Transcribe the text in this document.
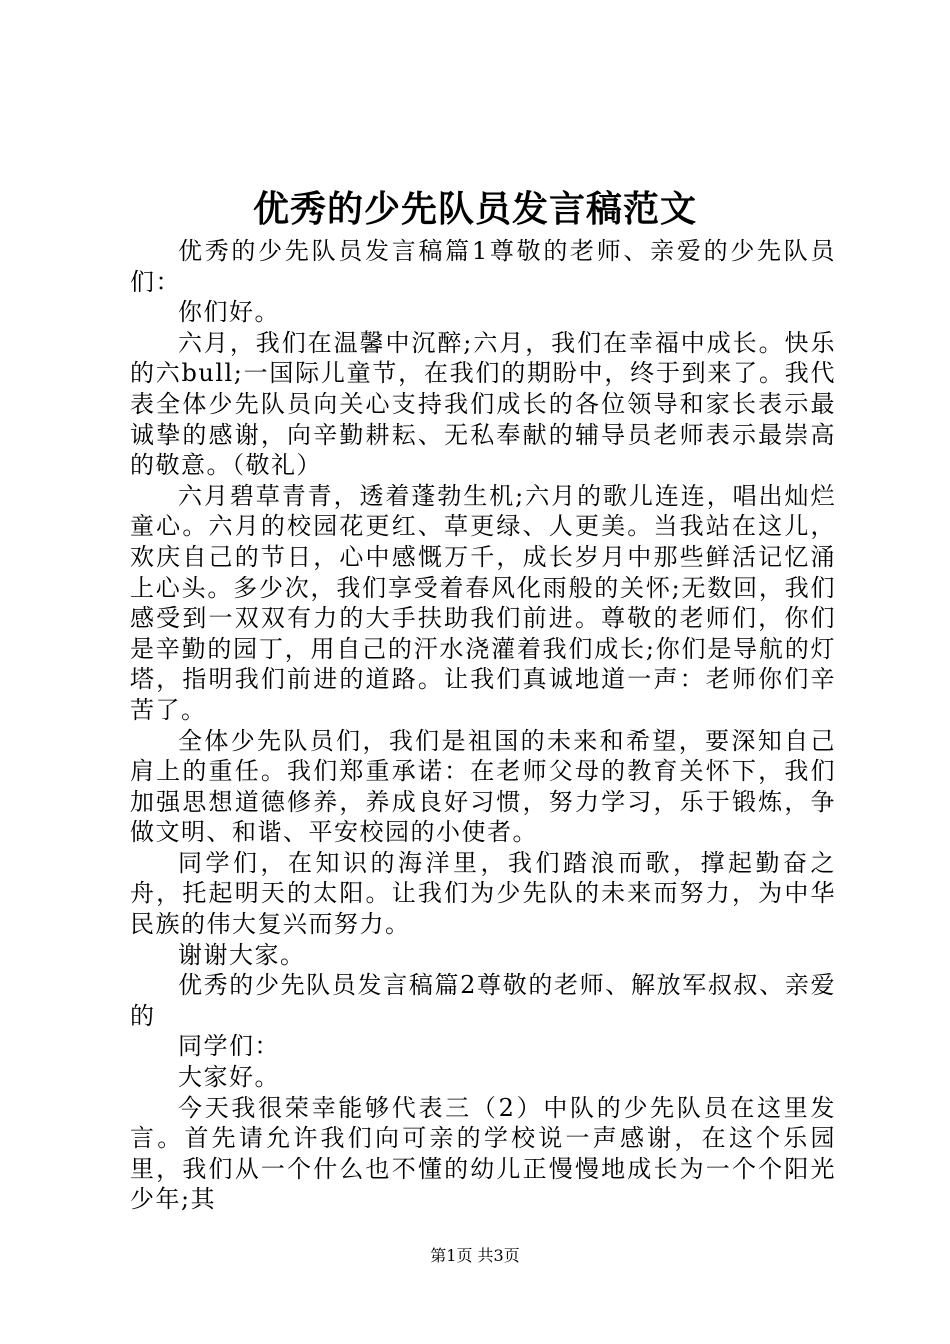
优秀的少先队员发言稿范文

优秀的少先队员发言稿篇1尊敬的老师、亲爱的少先队员们：

你们好。

六月，我们在温馨中沉醉;六月，我们在幸福中成长。快乐的六bull;一国际儿童节，在我们的期盼中，终于到来了。我代表全体少先队员向关心支持我们成长的各位领导和家长表示最诚挚的感谢，向辛勤耕耘、无私奉献的辅导员老师表示最崇高的敬意。（敬礼）

六月碧草青青，透着蓬勃生机;六月的歌儿连连，唱出灿烂童心。六月的校园花更红、草更绿、人更美。当我站在这儿，欢庆自己的节日，心中感慨万千，成长岁月中那些鲜活记忆涌上心头。多少次，我们享受着春风化雨般的关怀;无数回，我们感受到一双双有力的大手扶助我们前进。尊敬的老师们，你们是辛勤的园丁，用自己的汗水浇灌着我们成长;你们是导航的灯塔，指明我们前进的道路。让我们真诚地道一声：老师你们辛苦了。

全体少先队员们，我们是祖国的未来和希望，要深知自己肩上的重任。我们郑重承诺：在老师父母的教育关怀下，我们加强思想道德修养，养成良好习惯，努力学习，乐于锻炼，争做文明、和谐、平安校园的小使者。

同学们，在知识的海洋里，我们踏浪而歌，撑起勤奋之舟，托起明天的太阳。让我们为少先队的未来而努力，为中华民族的伟大复兴而努力。

谢谢大家。

优秀的少先队员发言稿篇2尊敬的老师、解放军叔叔、亲爱的

同学们：

大家好。

今天我很荣幸能够代表三（2）中队的少先队员在这里发言。首先请允许我们向可亲的学校说一声感谢，在这个乐园里，我们从一个什么也不懂的幼儿正慢慢地成长为一个个阳光少年;其

第1页 共3页
